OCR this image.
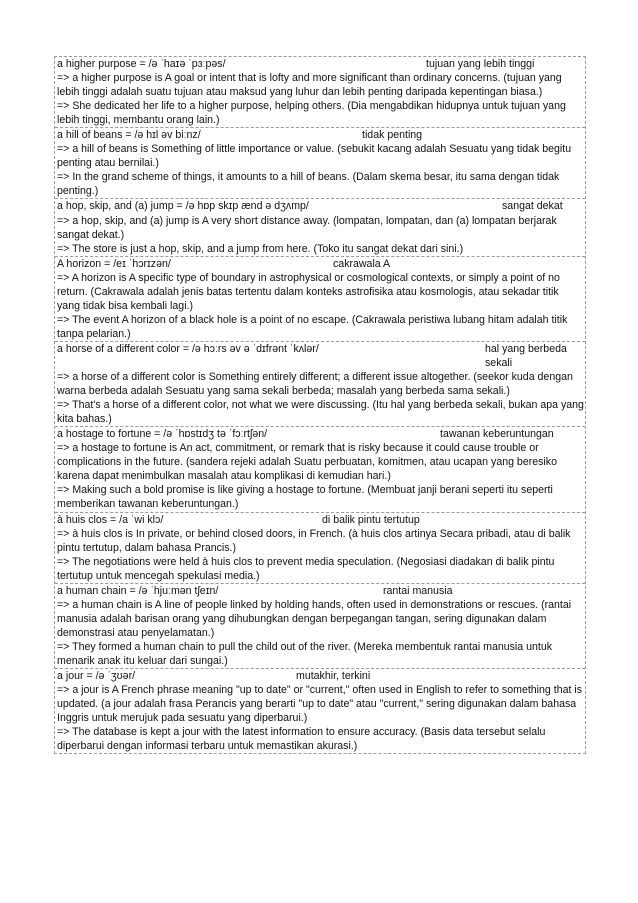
a higher purpose = /ə ˈhaɪə ˈpɜːpəs/	tujuan yang lebih tinggi
=> a higher purpose is A goal or intent that is lofty and more significant than ordinary concerns. (tujuan yang lebih tinggi adalah suatu tujuan atau maksud yang luhur dan lebih penting daripada kepentingan biasa.)
=> She dedicated her life to a higher purpose, helping others. (Dia mengabdikan hidupnya untuk tujuan yang lebih tinggi, membantu orang lain.)
a hill of beans = /ə hɪl əv biːnz/	tidak penting
=> a hill of beans is Something of little importance or value. (sebukit kacang adalah Sesuatu yang tidak begitu penting atau bernilai.)
=> In the grand scheme of things, it amounts to a hill of beans. (Dalam skema besar, itu sama dengan tidak penting.)
a hop, skip, and (a) jump = /ə hɒp skɪp ænd ə dʒʌmp/	sangat dekat
=> a hop, skip, and (a) jump is A very short distance away. (lompatan, lompatan, dan (a) lompatan berjarak sangat dekat.)
=> The store is just a hop, skip, and a jump from here. (Toko itu sangat dekat dari sini.)
A horizon = /eɪ ˈhɔrɪzən/	cakrawala A
=> A horizon is A specific type of boundary in astrophysical or cosmological contexts, or simply a point of no return. (Cakrawala adalah jenis batas tertentu dalam konteks astrofisika atau kosmologis, atau sekadar titik yang tidak bisa kembali lagi.)
=> The event A horizon of a black hole is a point of no escape. (Cakrawala peristiwa lubang hitam adalah titik tanpa pelarian.)
a horse of a different color = /ə hɔːrs əv ə ˈdɪfrənt ˈkʌlər/	hal yang berbeda sekali
=> a horse of a different color is Something entirely different; a different issue altogether. (seekor kuda dengan warna berbeda adalah Sesuatu yang sama sekali berbeda; masalah yang berbeda sama sekali.)
=> That's a horse of a different color, not what we were discussing. (Itu hal yang berbeda sekali, bukan apa yang kita bahas.)
a hostage to fortune = /ə ˈhɒstɪdʒ tə ˈfɔːrtʃən/	tawanan keberuntungan
=> a hostage to fortune is An act, commitment, or remark that is risky because it could cause trouble or complications in the future. (sandera rejeki adalah Suatu perbuatan, komitmen, atau ucapan yang beresiko karena dapat menimbulkan masalah atau komplikasi di kemudian hari.)
=> Making such a bold promise is like giving a hostage to fortune. (Membuat janji berani seperti itu seperti memberikan tawanan keberuntungan.)
à huis clos = /a ˈwi klɔ/	di balik pintu tertutup
=> à huis clos is In private, or behind closed doors, in French. (à huis clos artinya Secara pribadi, atau di balik pintu tertutup, dalam bahasa Prancis.)
=> The negotiations were held à huis clos to prevent media speculation. (Negosiasi diadakan di balik pintu tertutup untuk mencegah spekulasi media.)
a human chain = /ə ˈhjuːmən tʃeɪn/	rantai manusia
=> a human chain is A line of people linked by holding hands, often used in demonstrations or rescues. (rantai manusia adalah barisan orang yang dihubungkan dengan berpegangan tangan, sering digunakan dalam demonstrasi atau penyelamatan.)
=> They formed a human chain to pull the child out of the river. (Mereka membentuk rantai manusia untuk menarik anak itu keluar dari sungai.)
a jour = /ə ˈʒʊər/	mutakhir, terkini
=> a jour is A French phrase meaning "up to date" or "current," often used in English to refer to something that is updated. (a jour adalah frasa Perancis yang berarti "up to date" atau "current," sering digunakan dalam bahasa Inggris untuk merujuk pada sesuatu yang diperbarui.)
=> The database is kept a jour with the latest information to ensure accuracy. (Basis data tersebut selalu diperbarui dengan informasi terbaru untuk memastikan akurasi.)
